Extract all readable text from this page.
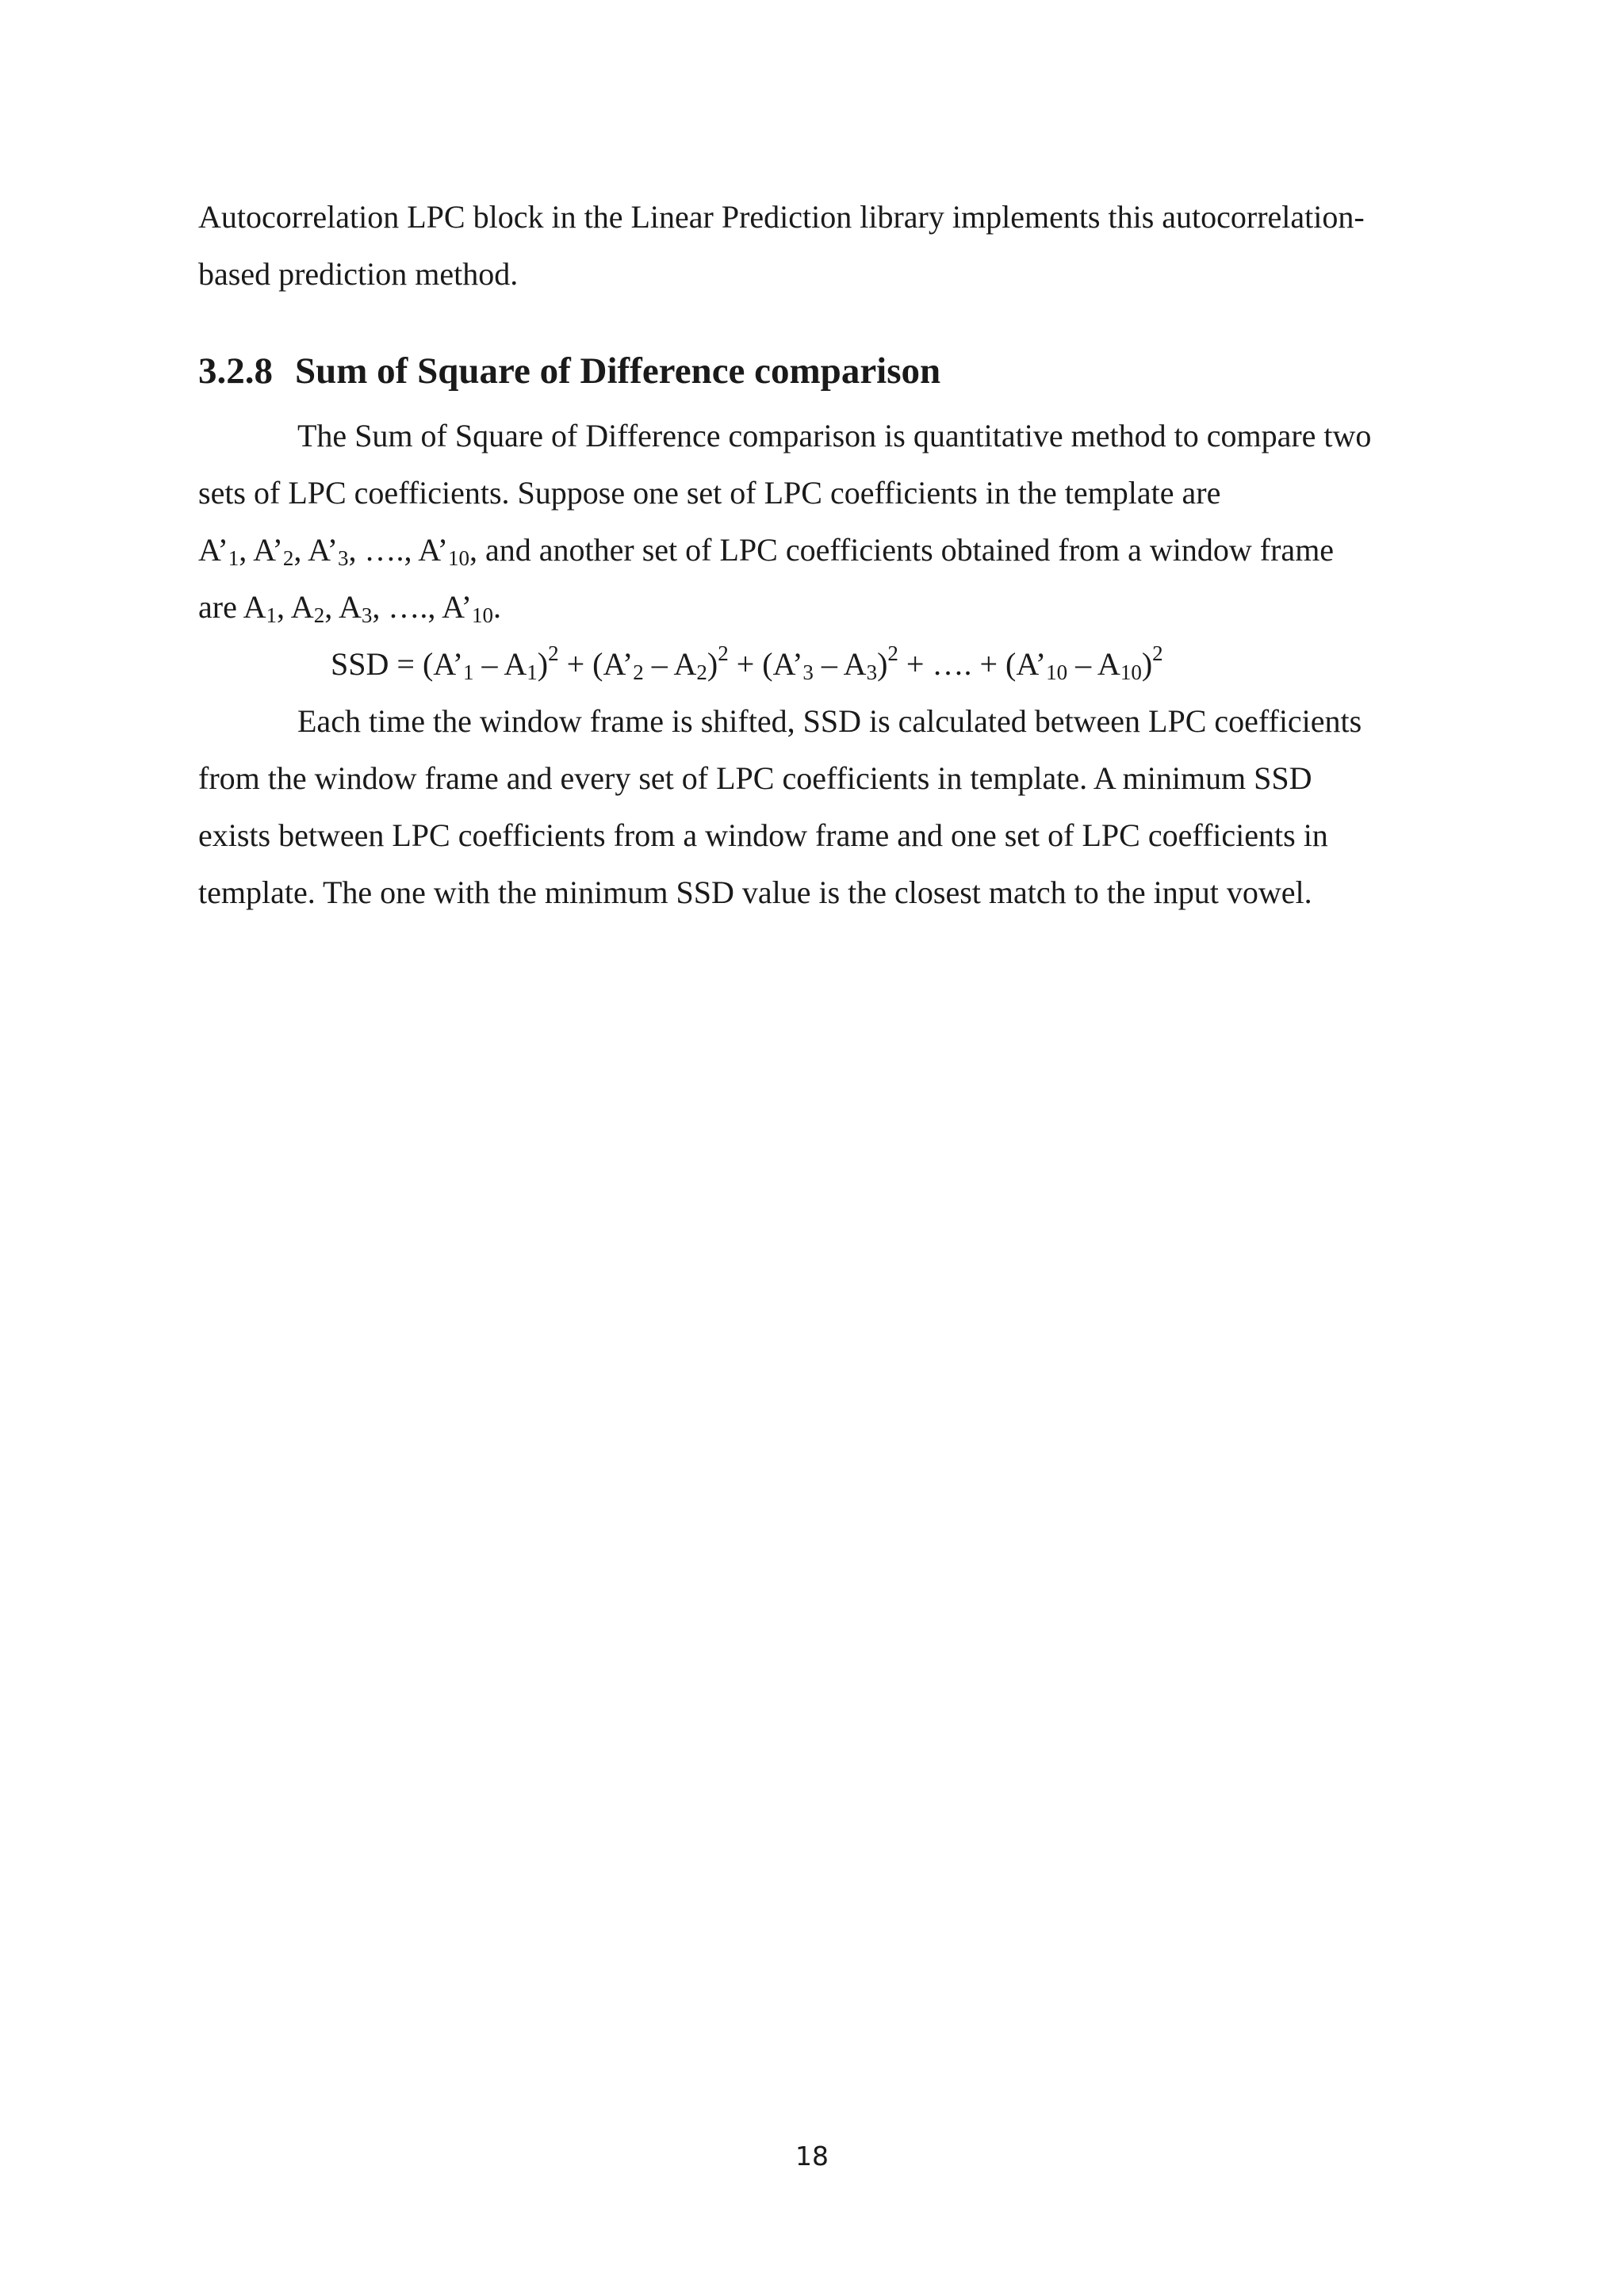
Autocorrelation LPC block in the Linear Prediction library implements this autocorrelation-
based prediction method.
3.2.8 Sum of Square of Difference comparison
The Sum of Square of Difference comparison is quantitative method to compare two
sets of LPC coefficients. Suppose one set of LPC coefficients in the template are
$A’_1$, $A’_2$, $A’_3$, …., $A’_{10}$, and another set of LPC coefficients obtained from a window frame
are $A_1$, $A_2$, $A_3$, …., $A’_{10}$.
SSD = $(A’_1 - A_1)^2$ + $(A’_2 - A_2)^2$ + $(A’_3 - A_3)^2$ + …. + $(A’_{10} - A_{10})^2$
Each time the window frame is shifted, SSD is calculated between LPC coefficients
from the window frame and every set of LPC coefficients in template. A minimum SSD
exists between LPC coefficients from a window frame and one set of LPC coefficients in
template. The one with the minimum SSD value is the closest match to the input vowel.
18
